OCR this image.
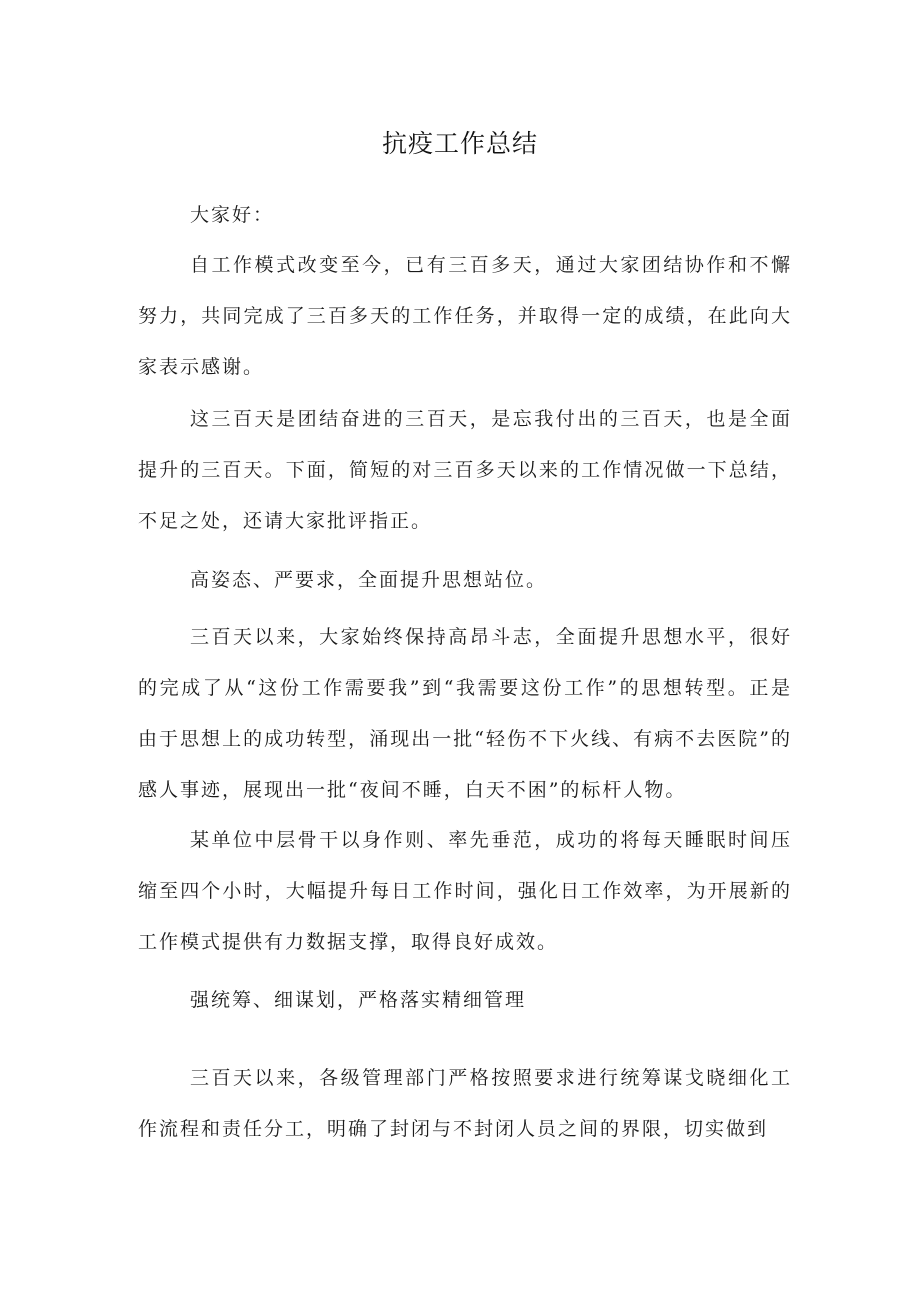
抗疫工作总结

大家好：

自工作模式改变至今，已有三百多天，通过大家团结协作和不懈努力，共同完成了三百多天的工作任务，并取得一定的成绩，在此向大家表示感谢。

这三百天是团结奋进的三百天，是忘我付出的三百天，也是全面提升的三百天。下面，简短的对三百多天以来的工作情况做一下总结，不足之处，还请大家批评指正。

高姿态、严要求，全面提升思想站位。

三百天以来，大家始终保持高昂斗志，全面提升思想水平，很好的完成了从“这份工作需要我”到“我需要这份工作”的思想转型。正是由于思想上的成功转型，涌现出一批“轻伤不下火线、有病不去医院”的感人事迹，展现出一批“夜间不睡，白天不困”的标杆人物。

某单位中层骨干以身作则、率先垂范，成功的将每天睡眠时间压缩至四个小时，大幅提升每日工作时间，强化日工作效率，为开展新的工作模式提供有力数据支撑，取得良好成效。

强统筹、细谋划，严格落实精细管理

三百天以来，各级管理部门严格按照要求进行统筹谋戈晓细化工作流程和责任分工，明确了封闭与不封闭人员之间的界限，切实做到
